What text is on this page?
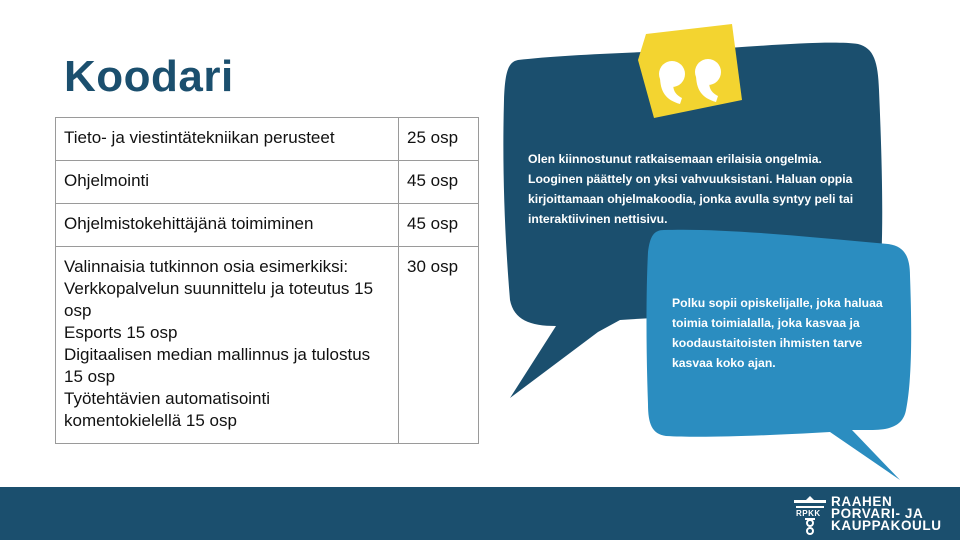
Koodari
Tieto- ja viestintätekniikan perusteet	25 osp
Ohjelmointi	45 osp
Ohjelmistokehittäjänä toimiminen	45 osp

Valinnaisia tutkinnon osia esimerkiksi:
Verkkopalvelun suunnittelu ja toteutus 15 osp
Esports 15 osp
Digitaalisen median mallinnus ja tulostus 15 osp
Työtehtävien automatisointi komentokielellä 15 osp	30 osp
Olen kiinnostunut ratkaisemaan erilaisia ongelmia. Looginen päättely on yksi vahvuuksistani. Haluan oppia kirjoittamaan ohjelmakoodia, jonka avulla syntyy peli tai interaktiivinen nettisivu.
Polku sopii opiskelijalle, joka haluaa toimia toimialalla, joka kasvaa ja koodaustaitoisten ihmisten tarve kasvaa koko ajan.
RPKK
RAAHEN
PORVARI- JA
KAUPPAKOULU
